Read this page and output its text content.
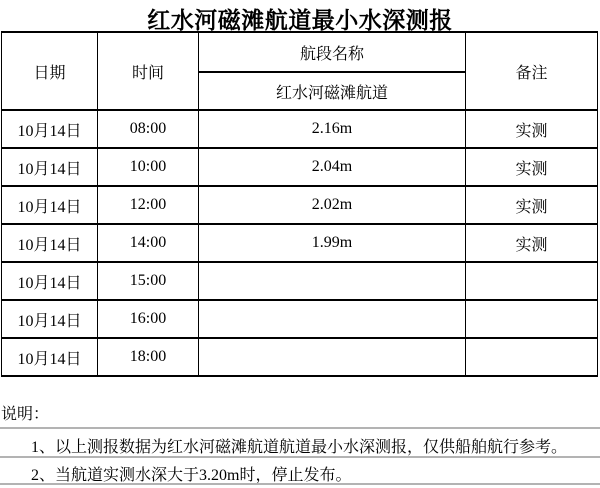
红水河磁滩航道最小水深测报
日期	时间	航段名称	备注
		红水河磁滩航道	
10月14日	08:00	2.16m	实测
10月14日	10:00	2.04m	实测
10月14日	12:00	2.02m	实测
10月14日	14:00	1.99m	实测
10月14日	15:00		
10月14日	16:00		
10月14日	18:00		
说明：
1、以上测报数据为红水河磁滩航道航道最小水深测报，仅供船舶航行参考。
2、当航道实测水深大于3.20m时，停止发布。
